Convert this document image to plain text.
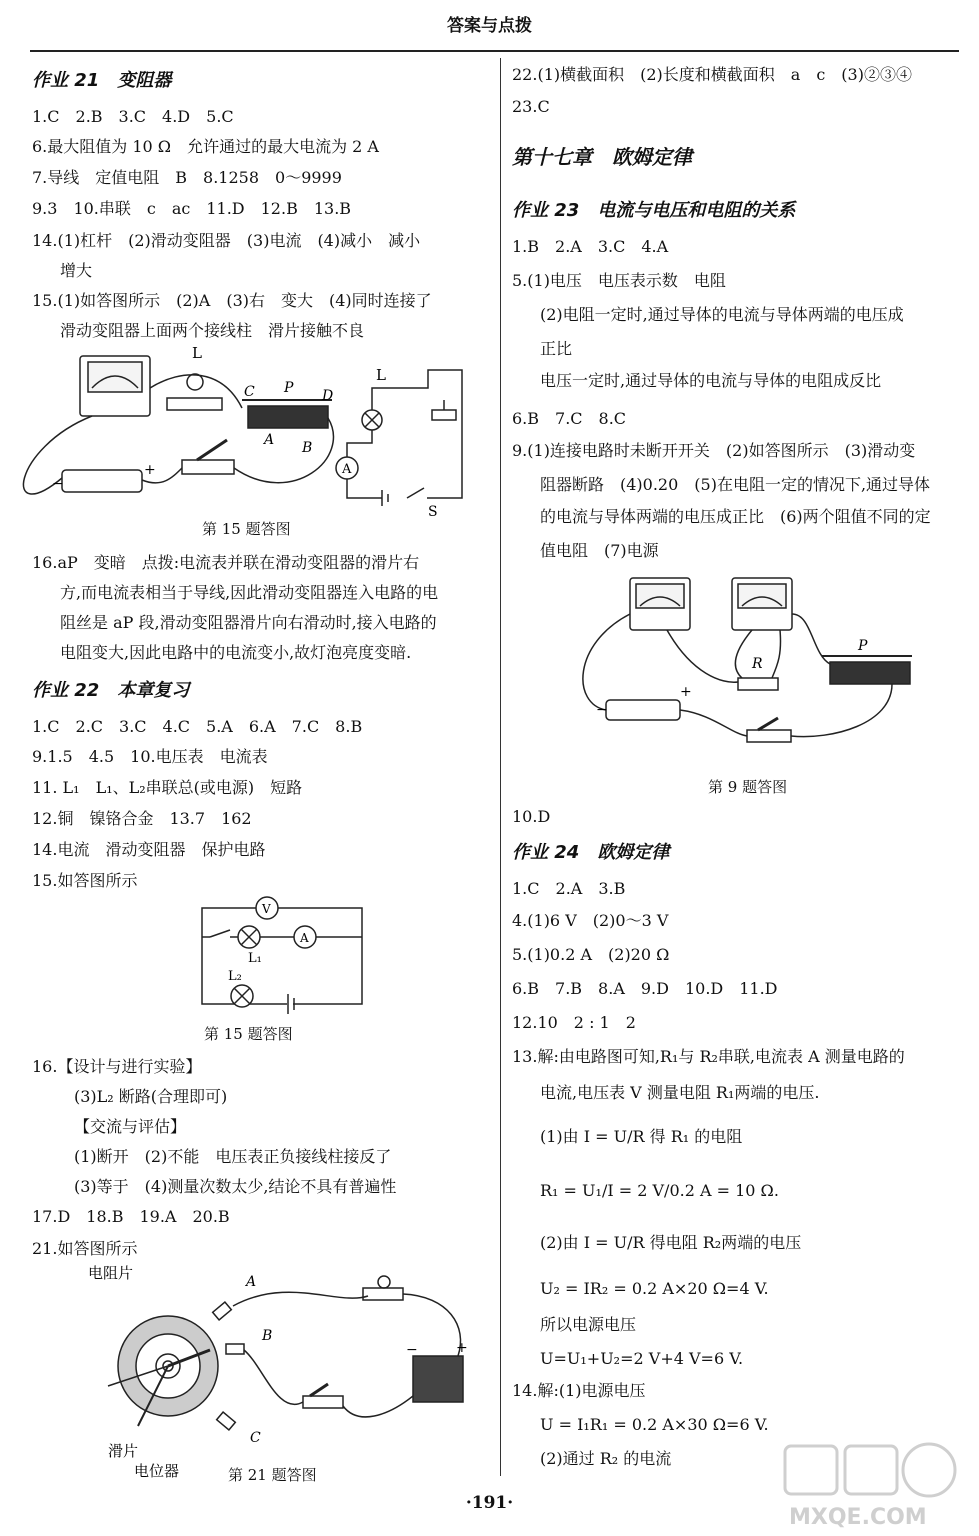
答案与点拨
作业 21　变阻器
1.C　2.B　3.C　4.D　5.C
6.最大阻值为 10 Ω　允许通过的最大电流为 2 A
7.导线　定值电阻　B　8.1258　0～9999
9.3　10.串联　c　ac　11.D　12.B　13.B
14.(1)杠杆　(2)滑动变阻器　(3)电流　(4)减小　减小
增大
15.(1)如答图所示　(2)A　(3)右　变大　(4)同时连接了
滑动变阻器上面两个接线柱　滑片接触不良
L
C P D
A B
−
+
L
A
S
第 15 题答图
16.aP　变暗　点拨:电流表并联在滑动变阻器的滑片右
方,而电流表相当于导线,因此滑动变阻器连入电路的电
阻丝是 aP 段,滑动变阻器滑片向右滑动时,接入电路的
电阻变大,因此电路中的电流变小,故灯泡亮度变暗.
作业 22　本章复习
1.C　2.C　3.C　4.C　5.A　6.A　7.C　8.B
9.1.5　4.5　10.电压表　电流表
11. L₁　L₁、L₂串联总(或电源)　短路
12.铜　镍铬合金　13.7　162
14.电流　滑动变阻器　保护电路
15.如答图所示
V
A
L₁
L₂
第 15 题答图
16.【设计与进行实验】
(3)L₂ 断路(合理即可)
【交流与评估】
(1)断开　(2)不能　电压表正负接线柱接反了
(3)等于　(4)测量次数太少,结论不具有普遍性
17.D　18.B　19.A　20.B
21.如答图所示
电阻片
滑片
电位器
A
B
C
−	+
第 21 题答图
22.(1)横截面积　(2)长度和横截面积　a　c　(3)②③④
23.C
第十七章　欧姆定律
作业 23　电流与电压和电阻的关系
1.B　2.A　3.C　4.A
5.(1)电压　电压表示数　电阻
(2)电阻一定时,通过导体的电流与导体两端的电压成
正比
电压一定时,通过导体的电流与导体的电阻成反比
6.B　7.C　8.C
9.(1)连接电路时未断开开关　(2)如答图所示　(3)滑动变
阻器断路　(4)0.20　(5)在电阻一定的情况下,通过导体
的电流与导体两端的电压成正比　(6)两个阻值不同的定
值电阻　(7)电源
R
P
−
+
第 9 题答图
10.D
作业 24　欧姆定律
1.C　2.A　3.B
4.(1)6 V　(2)0～3 V
5.(1)0.2 A　(2)20 Ω
6.B　7.B　8.A　9.D　10.D　11.D
12.10　2 : 1　2
13.解:由电路图可知,R₁与 R₂串联,电流表 A 测量电路的
电流,电压表 V 测量电阻 R₁两端的电压.
(1)由 I = U/R 得 R₁ 的电阻
R₁ = U₁/I = 2 V/0.2 A = 10 Ω.
(2)由 I = U/R 得电阻 R₂两端的电压
U₂ = IR₂ = 0.2 A×20 Ω=4 V.
所以电源电压
U=U₁+U₂=2 V+4 V=6 V.
14.解:(1)电源电压
U = I₁R₁ = 0.2 A×30 Ω=6 V.
(2)通过 R₂ 的电流
·191·
MXQE.COM
